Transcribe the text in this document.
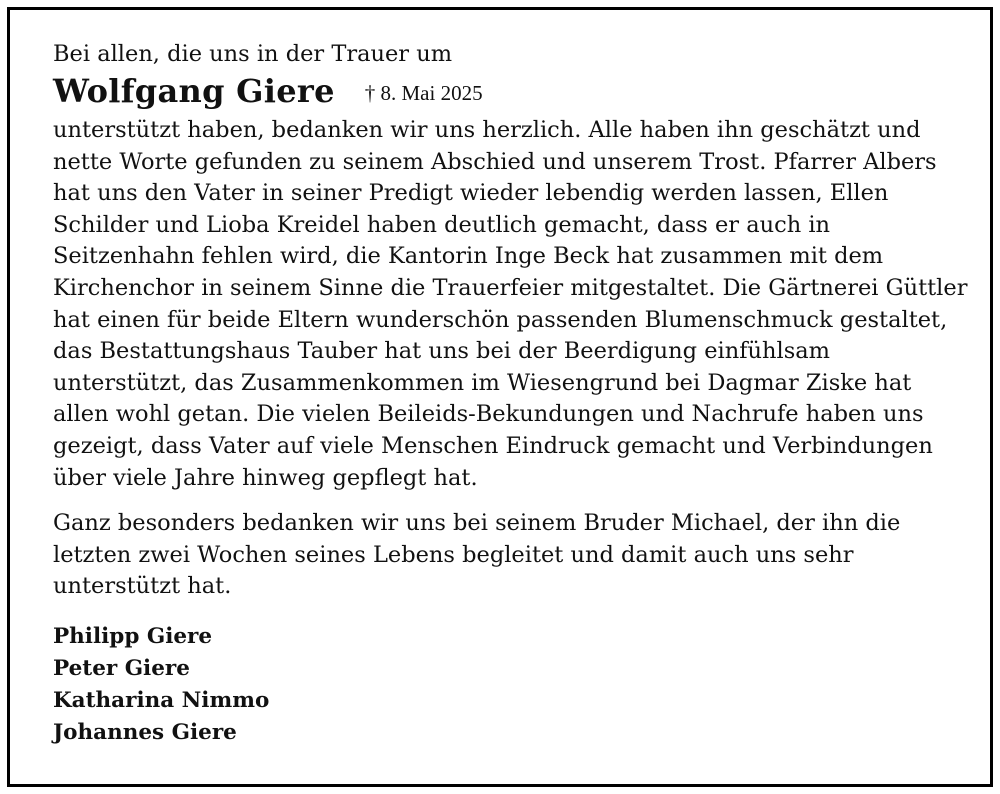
Bei allen, die uns in der Trauer um

Wolfgang Giere † 8. Mai 2025

unterstützt haben, bedanken wir uns herzlich. Alle haben ihn geschätzt und

nette Worte gefunden zu seinem Abschied und unserem Trost. Pfarrer Albers

hat uns den Vater in seiner Predigt wieder lebendig werden lassen, Ellen

Schilder und Lioba Kreidel haben deutlich gemacht, dass er auch in

Seitzenhahn fehlen wird, die Kantorin Inge Beck hat zusammen mit dem

Kirchenchor in seinem Sinne die Trauerfeier mitgestaltet. Die Gärtnerei Güttler

hat einen für beide Eltern wunderschön passenden Blumenschmuck gestaltet,

das Bestattungshaus Tauber hat uns bei der Beerdigung einfühlsam

unterstützt, das Zusammenkommen im Wiesengrund bei Dagmar Ziske hat

allen wohl getan. Die vielen Beileids-Bekundungen und Nachrufe haben uns

gezeigt, dass Vater auf viele Menschen Eindruck gemacht und Verbindungen

über viele Jahre hinweg gepflegt hat.

Ganz besonders bedanken wir uns bei seinem Bruder Michael, der ihn die

letzten zwei Wochen seines Lebens begleitet und damit auch uns sehr

unterstützt hat.

Philipp Giere
Peter Giere
Katharina Nimmo
Johannes Giere
